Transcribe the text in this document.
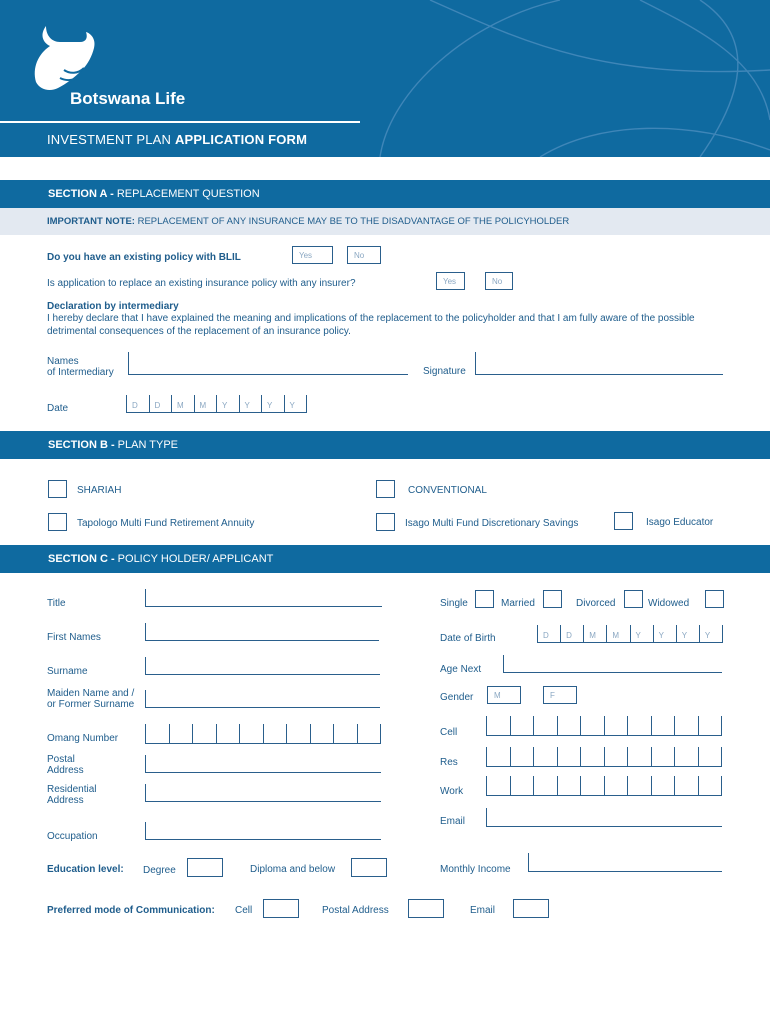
Botswana Life
INVESTMENT PLAN APPLICATION FORM
SECTION A - REPLACEMENT QUESTION
IMPORTANT NOTE: REPLACEMENT OF ANY INSURANCE MAY BE TO THE DISADVANTAGE OF THE POLICYHOLDER
Do you have an existing policy with BLIL	Yes	No
Is application to replace an existing insurance policy with any insurer?	Yes	No
Declaration by intermediary
I hereby declare that I have explained the meaning and implications of the replacement to the policyholder and that I am fully aware of the possible detrimental consequences of the replacement of an insurance policy.
Names
of Intermediary	Signature
Date	D	D	M	M	Y	Y	Y	Y
SECTION B - PLAN TYPE
SHARIAH	CONVENTIONAL
Tapologo Multi Fund Retirement Annuity	Isago Multi Fund Discretionary Savings	Isago Educator
SECTION C - POLICY HOLDER/ APPLICANT
Title
First Names
Surname
Maiden Name and /
or Former Surname
Omang Number
Postal
Address
Residential
Address
Occupation
Education level: Degree	Diploma and below
Preferred mode of Communication: Cell	Postal Address	Email
Single	Married	Divorced	Widowed
Date of Birth	D	D	M	M	Y	Y	Y	Y
Age Next
Gender	M	F
Cell
Res
Work
Email
Monthly Income
